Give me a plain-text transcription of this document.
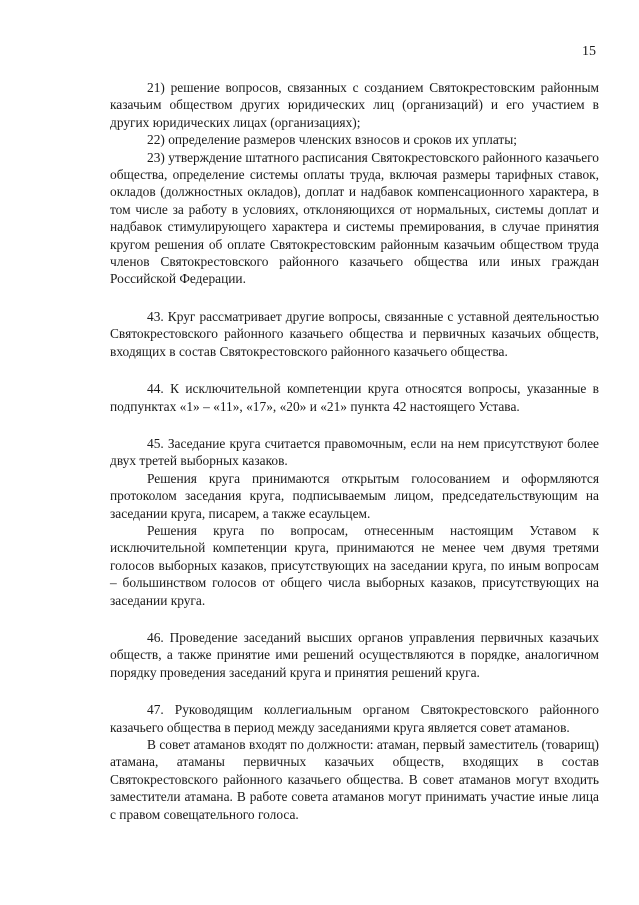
15

21) решение вопросов, связанных с созданием Святокрестовским районным казачьим обществом других юридических лиц (организаций) и его участием в других юридических лицах (организациях);

22) определение размеров членских взносов и сроков их уплаты;

23) утверждение штатного расписания Святокрестовского районного казачьего общества, определение системы оплаты труда, включая размеры тарифных ставок, окладов (должностных окладов), доплат и надбавок компенсационного характера, в том числе за работу в условиях, отклоняющихся от нормальных, системы доплат и надбавок стимулирующего характера и системы премирования, в случае принятия кругом решения об оплате Святокрестовским районным казачьим обществом труда членов Святокрестовского районного казачьего общества или иных граждан Российской Федерации.

43. Круг рассматривает другие вопросы, связанные с уставной деятельностью Святокрестовского районного казачьего общества и первичных казачьих обществ, входящих в состав Святокрестовского районного казачьего общества.

44. К исключительной компетенции круга относятся вопросы, указанные в подпунктах «1» – «11», «17», «20» и «21» пункта 42 настоящего Устава.

45. Заседание круга считается правомочным, если на нем присутствуют более двух третей выборных казаков.

Решения круга принимаются открытым голосованием и оформляются протоколом заседания круга, подписываемым лицом, председательствующим на заседании круга, писарем, а также есаульцем.

Решения круга по вопросам, отнесенным настоящим Уставом к исключительной компетенции круга, принимаются не менее чем двумя третями голосов выборных казаков, присутствующих на заседании круга, по иным вопросам – большинством голосов от общего числа выборных казаков, присутствующих на заседании круга.

46. Проведение заседаний высших органов управления первичных казачьих обществ, а также принятие ими решений осуществляются в порядке, аналогичном порядку проведения заседаний круга и принятия решений круга.

47. Руководящим коллегиальным органом Святокрестовского районного казачьего общества в период между заседаниями круга является совет атаманов.

В совет атаманов входят по должности: атаман, первый заместитель (товарищ) атамана, атаманы первичных казачьих обществ, входящих в состав Святокрестовского районного казачьего общества. В совет атаманов могут входить заместители атамана. В работе совета атаманов могут принимать участие иные лица с правом совещательного голоса.
